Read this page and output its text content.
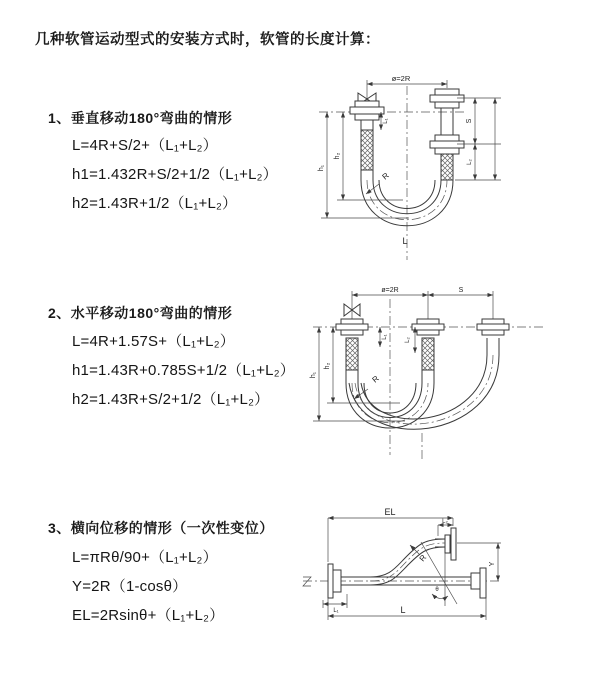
几种软管运动型式的安装方式时，软管的长度计算：
1、垂直移动180°弯曲的情形
L=4R+S/2+（L₁+L₂）
h1=1.432R+S/2+1/2（L₁+L₂）
h2=1.43R+1/2（L₁+L₂）
2、水平移动180°弯曲的情形
L=4R+1.57S+（L₁+L₂）
h1=1.43R+0.785S+1/2（L₁+L₂）
h2=1.43R+S/2+1/2（L₁+L₂）
3、横向位移的情形（一次性变位）
L=πRθ/90+（L₁+L₂）
Y=2R（1-cosθ）
EL=2Rsinθ+（L₁+L₂）
ø=2R
R
h₁
h₂
L₁	S
L₂
L
ø=2R	S
R
h₁
h₂
L₁
L₂
EL
L₂
θ
R
Y
L
L₁
